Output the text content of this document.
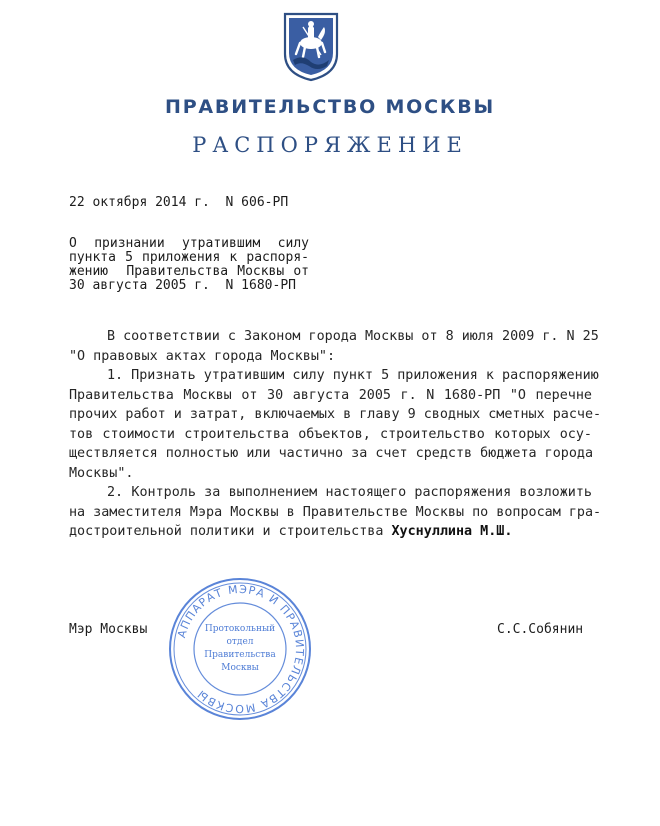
ПРАВИТЕЛЬСТВО МОСКВЫ
РАСПОРЯЖЕНИЕ
22 октября 2014 г.  N 606-РП
О  признании  утратившим  силу
пункта 5 приложения к распоря-
жению  Правительства Москвы от
30 августа 2005 г.  N 1680-РП
В соответствии с Законом города Москвы от 8 июля 2009 г. N 25
"О правовых актах города Москвы":
1. Признать утратившим силу пункт 5 приложения к распоряжению
Правительства Москвы от 30 августа 2005 г. N 1680-РП "О перечне
прочих работ и затрат, включаемых в главу 9 сводных сметных расче-
тов стоимости строительства объектов, строительство которых осу-
ществляется полностью или частично за счет средств бюджета города
Москвы".
2. Контроль за выполнением настоящего распоряжения возложить
на заместителя Мэра Москвы в Правительстве Москвы по вопросам гра-
достроительной политики и строительства Хуснуллина М.Ш.
Мэр Москвы	С.С.Собянин
АППАРАТ МЭРА И ПРАВИТЕЛЬСТВА МОСКВЫ
Протокольный
отдел
Правительства
Москвы
